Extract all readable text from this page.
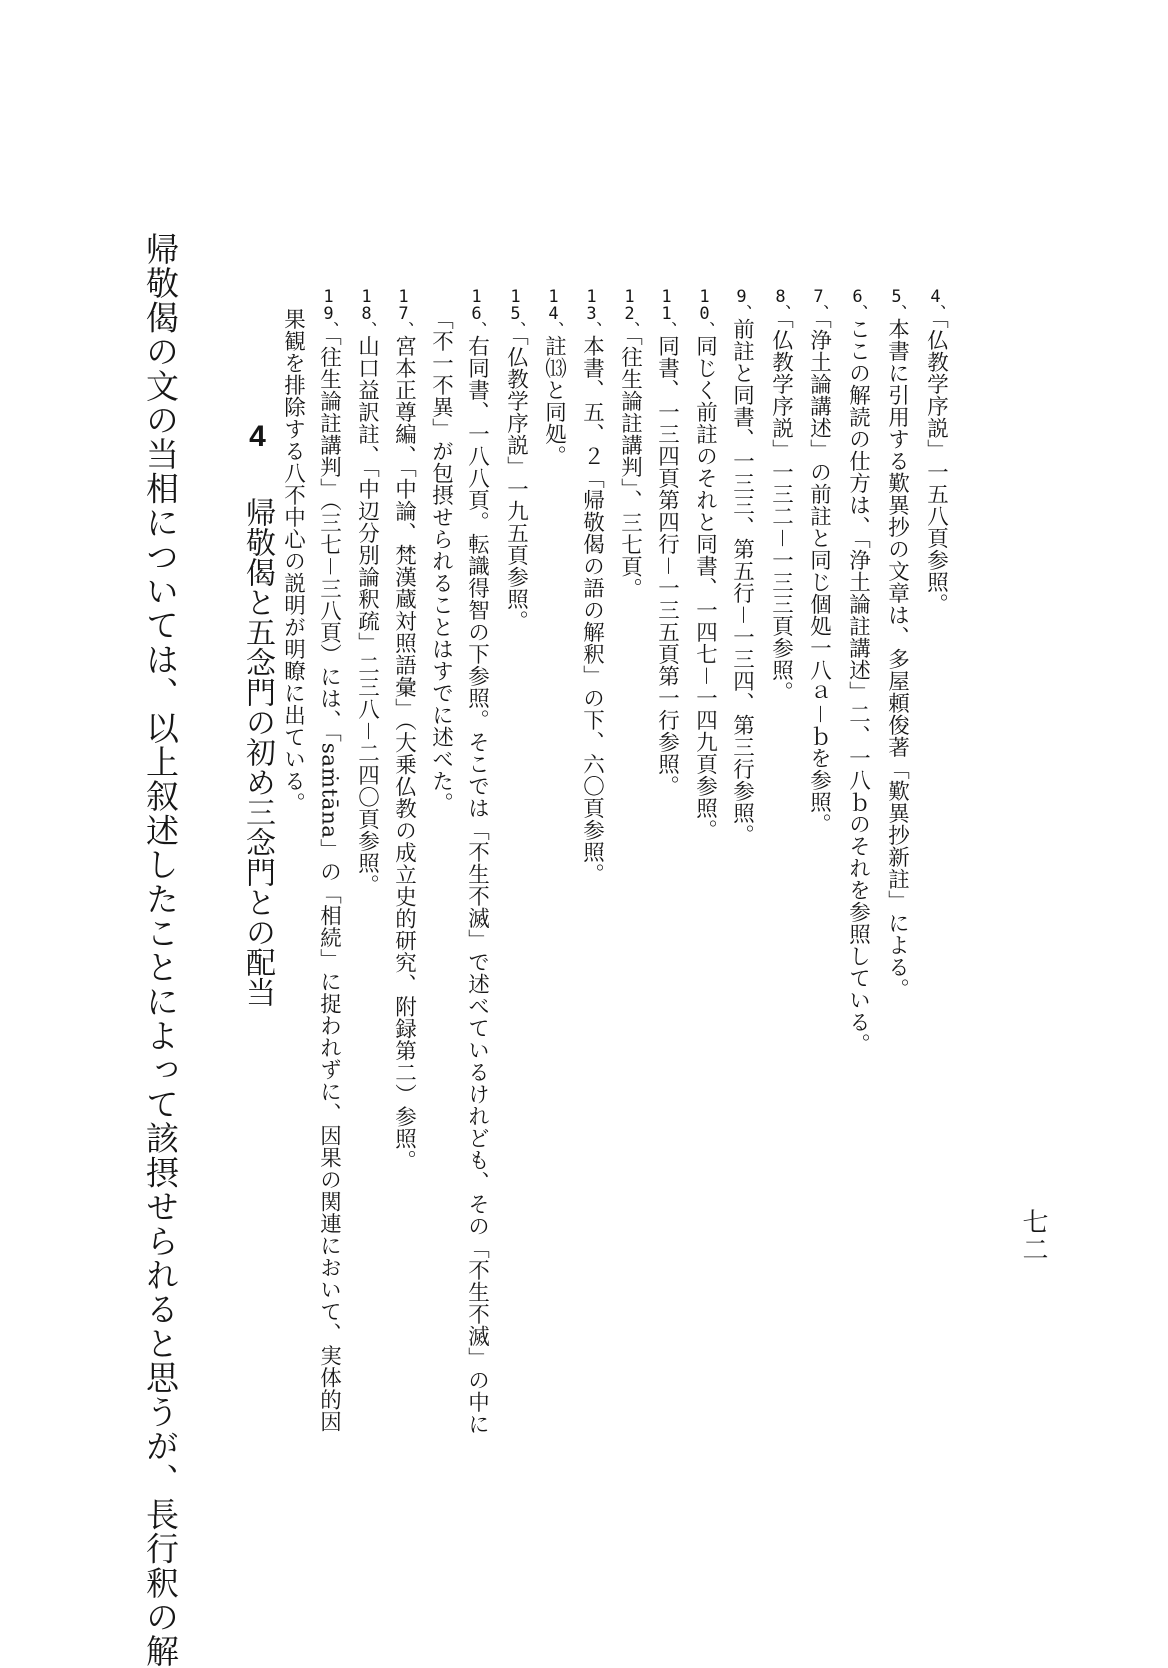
七二
4、「仏教学序説」一五八頁参照。
5、本書に引用する歎異抄の文章は、多屋頼俊著「歎異抄新註」による。
6、ここの解読の仕方は、「浄土論註講述」二、一八ｂのそれを参照している。
7、「浄土論講述」の前註と同じ個処一八ａ－ｂを参照。
8、「仏教学序説」一三二－一三三頁参照。
9、前註と同書、一三三、第五行－一三四、第三行参照。
10、同じく前註のそれと同書、一四七－一四九頁参照。
11、同書、一三四頁第四行－一三五頁第一行参照。
12、「往生論註講判」、三七頁。
13、本書、五、２「帰敬偈の語の解釈」の下、六〇頁参照。
14、註⒀と同処。
15、「仏教学序説」一九五頁参照。
16、右同書、一八八頁。転識得智の下参照。そこでは「不生不滅」で述べているけれども、その「不生不滅」の中に
「不一不異」が包摂せられることはすでに述べた。
17、宮本正尊編、「中論、梵漢蔵対照語彙」（大乗仏教の成立史的研究、附録第二）参照。
18、山口益訳註、「中辺分別論釈疏」二三八－二四〇頁参照。
19、「往生論註講判」（三七－三八頁）には、「saṁtāna」の「相続」に捉われずに、因果の関連において、実体的因
果観を排除する八不中心の説明が明瞭に出ている。
4帰敬偈と五念門の初め三念門との配当
帰敬偈の文の当相については、以上叙述したことによって該摂せられると思うが、長行釈の解
